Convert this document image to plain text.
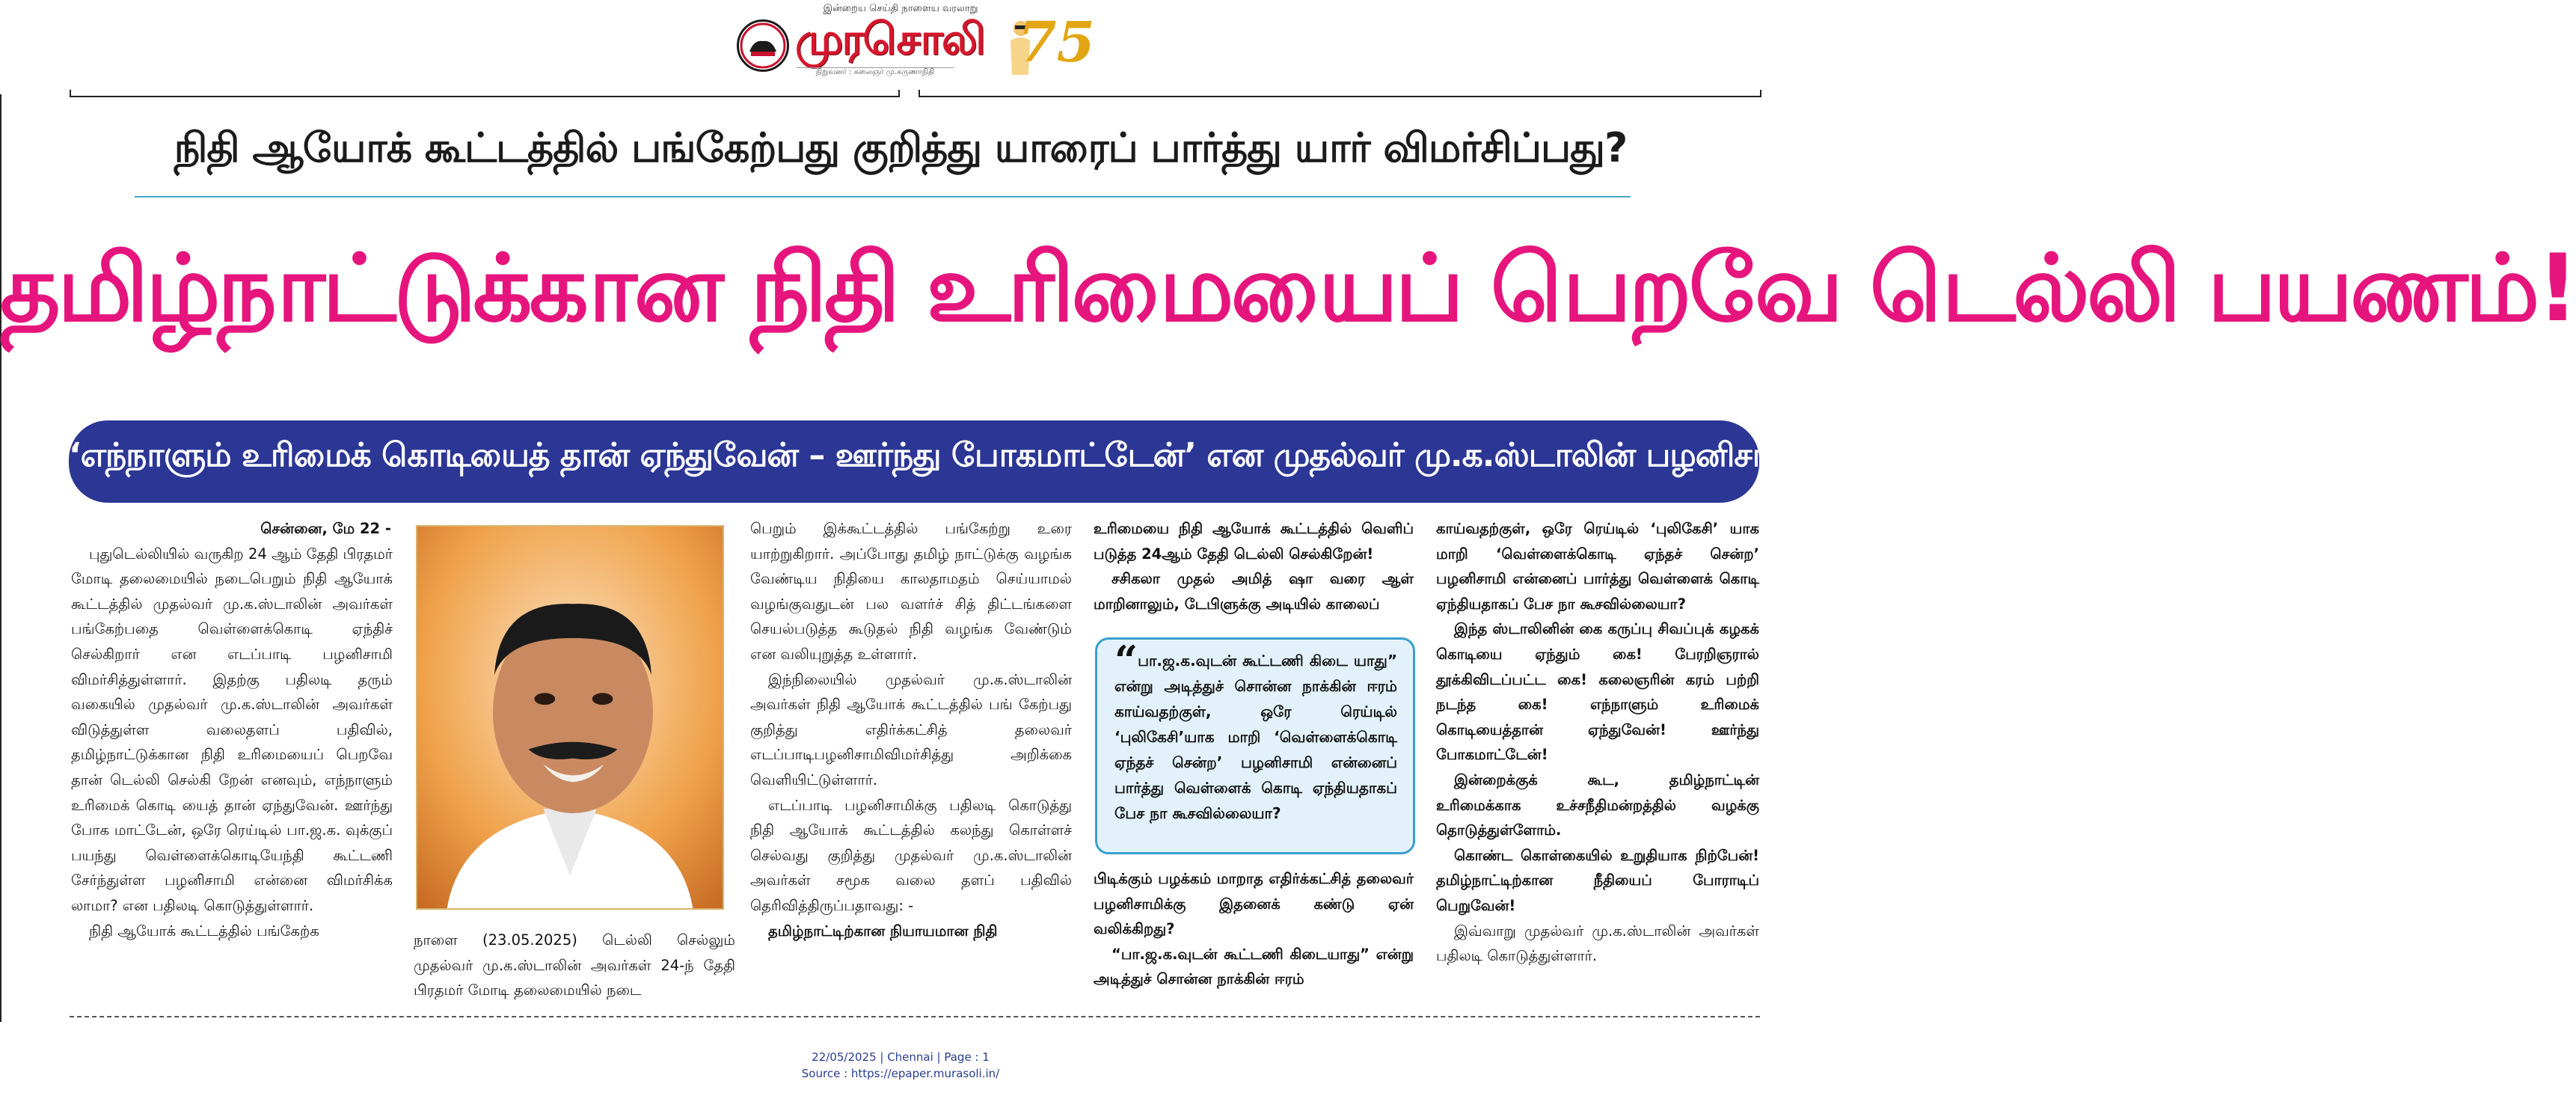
இன்றைய செய்தி நாளைய வரலாறு
முரசொலி
நிறுவனர் : கலைஞர் மு.கருணாநிதி	75
நிதி ஆயோக் கூட்டத்தில் பங்கேற்பது குறித்து யாரைப் பார்த்து யார் விமர்சிப்பது?
தமிழ்நாட்டுக்கான நிதி உரிமையைப் பெறவே டெல்லி பயணம்!
‘எந்நாளும் உரிமைக் கொடியைத் தான் ஏந்துவேன் – ஊர்ந்து போகமாட்டேன்’ என முதல்வர் மு.க.ஸ்டாலின் பழனிசாமிக்கு பதிலடி !

சென்னை, மே 22 -

புதுடெல்லியில் வருகிற 24 ஆம் தேதி பிரதமர் மோடி தலைமையில் நடைபெறும் நிதி ஆயோக் கூட்டத்தில் முதல்வர் மு.க.ஸ்டாலின் அவர்கள் பங்கேற்பதை வெள்ளைக்கொடி ஏந்திச் செல்கிறார் என எடப்பாடி பழனிசாமி விமர்சித்துள்ளார். இதற்கு பதிலடி தரும் வகையில் முதல்வர் மு.க.ஸ்டாலின் அவர்கள் விடுத்துள்ள வலைதளப் பதிவில், தமிழ்நாட்டுக்கான நிதி உரிமையைப் பெறவே தான் டெல்லி செல்கி றேன் எனவும், எந்நாளும் உரிமைக் கொடி யைத் தான் ஏந்துவேன். ஊர்ந்து போக மாட்டேன், ஒரே ரெய்டில் பா.ஜ.க. வுக்குப் பயந்து வெள்ளைக்கொடியேந்தி கூட்டணி சேர்ந்துள்ள பழனிசாமி என்னை விமர்சிக்க லாமா? என பதிலடி கொடுத்துள்ளார்.

நிதி ஆயோக் கூட்டத்தில் பங்கேற்க

நாளை (23.05.2025) டெல்லி செல்லும் முதல்வர் மு.க.ஸ்டாலின் அவர்கள் 24-ந் தேதி பிரதமர் மோடி தலைமையில் நடை

பெறும் இக்கூட்டத்தில் பங்கேற்று உரை யாற்றுகிறார். அப்போது தமிழ் நாட்டுக்கு வழங்க வேண்டிய நிதியை காலதாமதம் செய்யாமல் வழங்குவதுடன் பல வளர்ச் சித் திட்டங்களை செயல்படுத்த கூடுதல் நிதி வழங்க வேண்டும் என வலியுறுத்த உள்ளார்.

இந்நிலையில் முதல்வர் மு.க.ஸ்டாலின் அவர்கள் நிதி ஆயோக் கூட்டத்தில் பங் கேற்பது குறித்து எதிர்க்கட்சித் தலைவர் எடப்பாடிபழனிசாமிவிமர்சித்து அறிக்கை வெளியிட்டுள்ளார்.

எடப்பாடி பழனிசாமிக்கு பதிலடி கொடுத்து நிதி ஆயோக் கூட்டத்தில் கலந்து கொள்ளச் செல்வது குறித்து முதல்வர் மு.க.ஸ்டாலின் அவர்கள் சமூக வலை தளப் பதிவில் தெரிவித்திருப்பதாவது: -

தமிழ்நாட்டிற்கான நியாயமான நிதி

உரிமையை நிதி ஆயோக் கூட்டத்தில் வெளிப் படுத்த 24ஆம் தேதி டெல்லி செல்கிறேன்!

சசிகலா முதல் அமித் ஷா வரை ஆள் மாறினாலும், டேபிளுக்கு அடியில் காலைப்

“பா.ஜ.க.வுடன் கூட்டணி கிடை யாது” என்று அடித்துச் சொன்ன நாக்கின் ஈரம் காய்வதற்குள், ஒரே ரெய்டில் ‘புலிகேசி’யாக மாறி ‘வெள்ளைக்கொடி ஏந்தச் சென்ற’ பழனிசாமி என்னைப் பார்த்து வெள்ளைக் கொடி ஏந்தியதாகப் பேச நா கூசவில்லையா?

பிடிக்கும் பழக்கம் மாறாத எதிர்க்கட்சித் தலைவர் பழனிசாமிக்கு இதனைக் கண்டு ஏன் வலிக்கிறது?

“பா.ஜ.க.வுடன் கூட்டணி கிடையாது” என்று அடித்துச் சொன்ன நாக்கின் ஈரம்

காய்வதற்குள், ஒரே ரெய்டில் ‘புலிகேசி’ யாக மாறி ‘வெள்ளைக்கொடி ஏந்தச் சென்ற’ பழனிசாமி என்னைப் பார்த்து வெள்ளைக் கொடி ஏந்தியதாகப் பேச நா கூசவில்லையா?

இந்த ஸ்டாலினின் கை கருப்பு சிவப்புக் கழகக் கொடியை ஏந்தும் கை! பேரறிஞரால் தூக்கிவிடப்பட்ட கை! கலைஞரின் கரம் பற்றி நடந்த கை! எந்நாளும் உரிமைக் கொடியைத்தான் ஏந்துவேன்! ஊர்ந்து போகமாட்டேன்!

இன்றைக்குக் கூட, தமிழ்நாட்டின் உரிமைக்காக உச்சநீதிமன்றத்தில் வழக்கு தொடுத்துள்ளோம்.

கொண்ட கொள்கையில் உறுதியாக நிற்பேன்! தமிழ்நாட்டிற்கான நீதியைப் போராடிப் பெறுவேன்!

இவ்வாறு முதல்வர் மு.க.ஸ்டாலின் அவர்கள் பதிலடி கொடுத்துள்ளார்.

22/05/2025 | Chennai | Page : 1
Source : https://epaper.murasoli.in/
